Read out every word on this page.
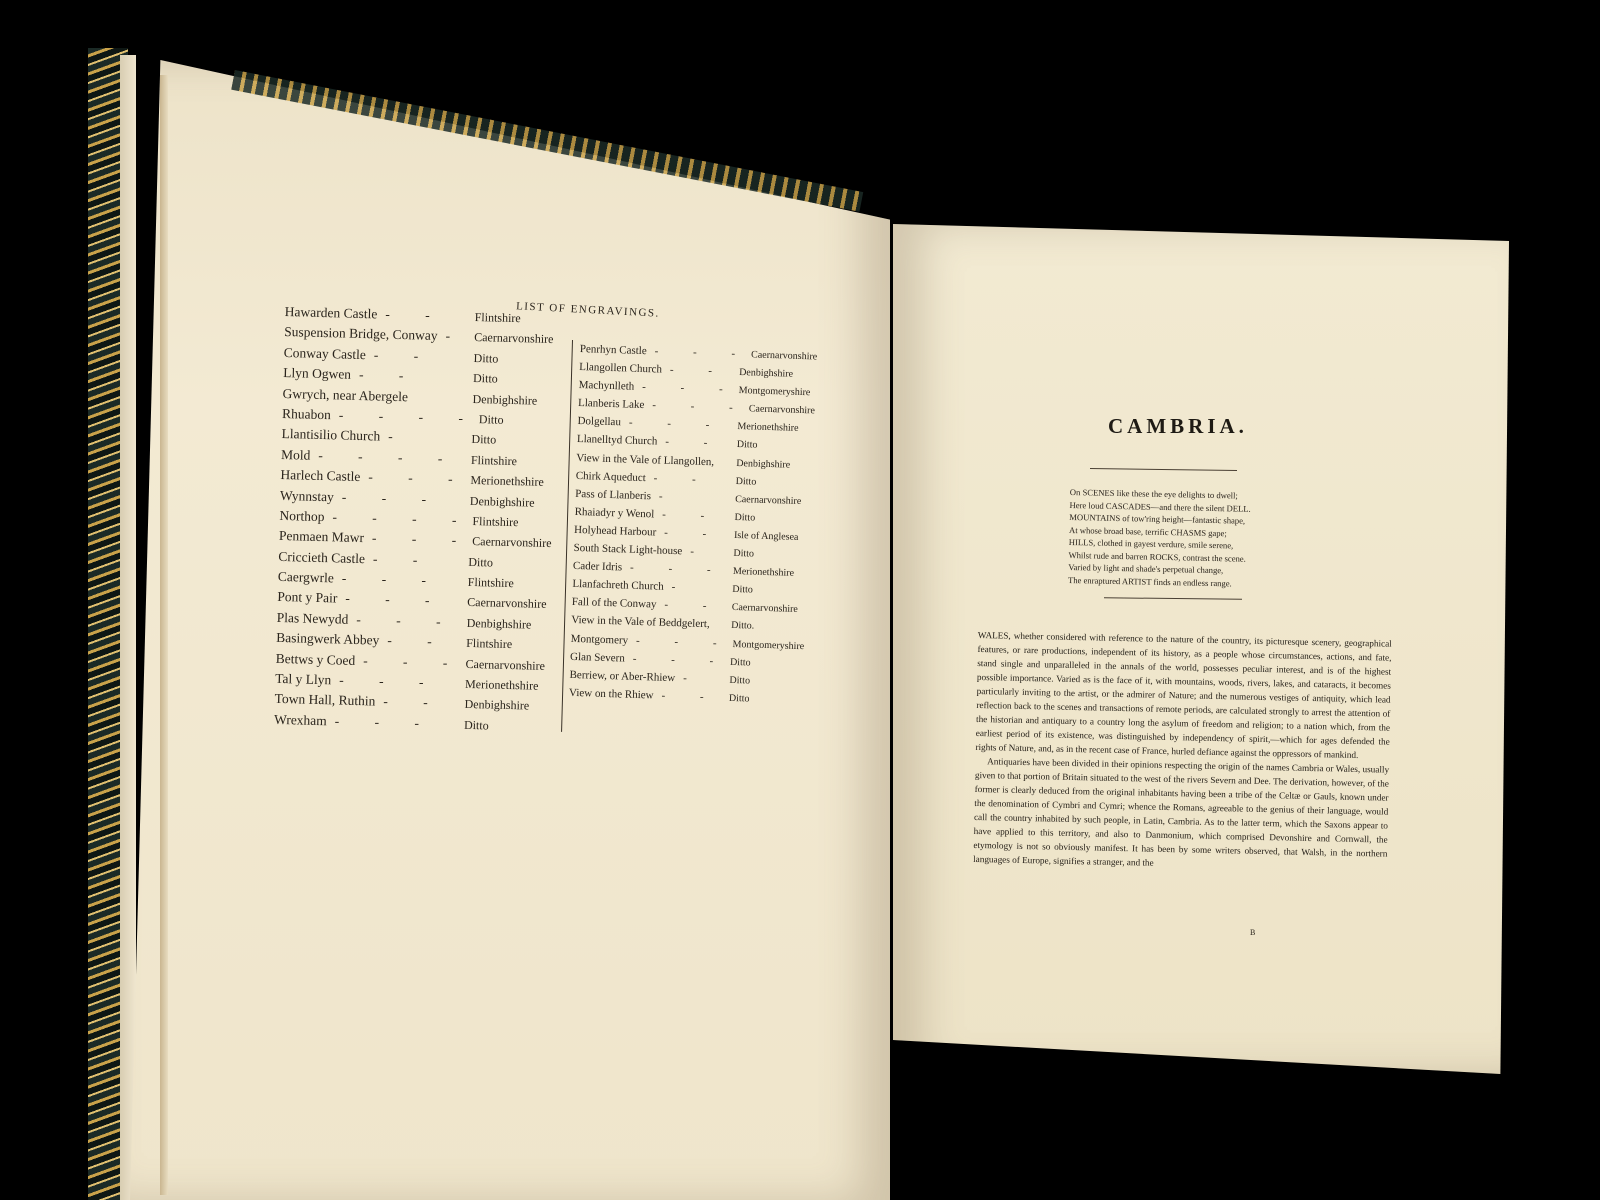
LIST OF ENGRAVINGS.
Hawarden Castle - -	Flintshire
Suspension Bridge, Conway - Caernarvonshire
Conway Castle - -	Ditto
Llyn Ogwen - -	Ditto
Gwrych, near Abergele	Denbighshire
Rhuabon - - - - Ditto
Llantisilio Church -	Ditto
Mold - - - -	Flintshire
Harlech Castle - - - Merionethshire
Wynnstay - - -	Denbighshire
Northop - - - - Flintshire
Penmaen Mawr - - - Caernarvonshire
Criccieth Castle - -	Ditto
Caergwrle - - -	Flintshire
Pont y Pair - - -	Caernarvonshire
Plas Newydd - - - Denbighshire
Basingwerk Abbey - -	Flintshire
Bettws y Coed - - - Caernarvonshire
Tal y Llyn - - -	Merionethshire
Town Hall, Ruthin - -	Denbighshire
Wrexham - - -	Ditto
Penrhyn Castle - - - Caernarvonshire
Llangollen Church - -	Denbighshire
Machynlleth - - - Montgomeryshire
Llanberis Lake - - - Caernarvonshire
Dolgellau - - -	Merionethshire
Llanelltyd Church - -	Ditto
View in the Vale of Llangollen, Denbighshire
Chirk Aqueduct - -	Ditto
Pass of Llanberis -	Caernarvonshire
Rhaiadyr y Wenol - -	Ditto
Holyhead Harbour - -	Isle of Anglesea
South Stack Light-house -	Ditto
Cader Idris - - - Merionethshire
Llanfachreth Church -	Ditto
Fall of the Conway - - Caernarvonshire
View in the Vale of Beddgelert, Ditto.
Montgomery - - - Montgomeryshire
Glan Severn - - - Ditto
Berriew, or Aber-Rhiew -	Ditto
View on the Rhiew - - Ditto
CAMBRIA.
On SCENES like these the eye delights to dwell;
Here loud CASCADES—and there the silent DELL.
MOUNTAINS of tow'ring height—fantastic shape,
At whose broad base, terrific CHASMS gape;
HILLS, clothed in gayest verdure, smile serene,
Whilst rude and barren ROCKS, contrast the scene.
Varied by light and shade's perpetual change,
The enraptured ARTIST finds an endless range.

WALES, whether considered with reference to the nature of the country, its picturesque scenery, geographical features, or rare productions, independent of its history, as a people whose circumstances, actions, and fate, stand single and unparalleled in the annals of the world, possesses peculiar interest, and is of the highest possible importance. Varied as is the face of it, with mountains, woods, rivers, lakes, and cataracts, it becomes particularly inviting to the artist, or the admirer of Nature; and the numerous vestiges of antiquity, which lead reflection back to the scenes and transactions of remote periods, are calculated strongly to arrest the attention of the historian and antiquary to a country long the asylum of freedom and religion; to a nation which, from the earliest period of its existence, was distinguished by independency of spirit,—which for ages defended the rights of Nature, and, as in the recent case of France, hurled defiance against the oppressors of mankind.

Antiquaries have been divided in their opinions respecting the origin of the names Cambria or Wales, usually given to that portion of Britain situated to the west of the rivers Severn and Dee. The derivation, however, of the former is clearly deduced from the original inhabitants having been a tribe of the Celtæ or Gauls, known under the denomination of Cymbri and Cymri; whence the Romans, agreeable to the genius of their language, would call the country inhabited by such people, in Latin, Cambria. As to the latter term, which the Saxons appear to have applied to this territory, and also to Danmonium, which comprised Devonshire and Cornwall, the etymology is not so obviously manifest. It has been by some writers observed, that Walsh, in the northern languages of Europe, signifies a stranger, and the

B
